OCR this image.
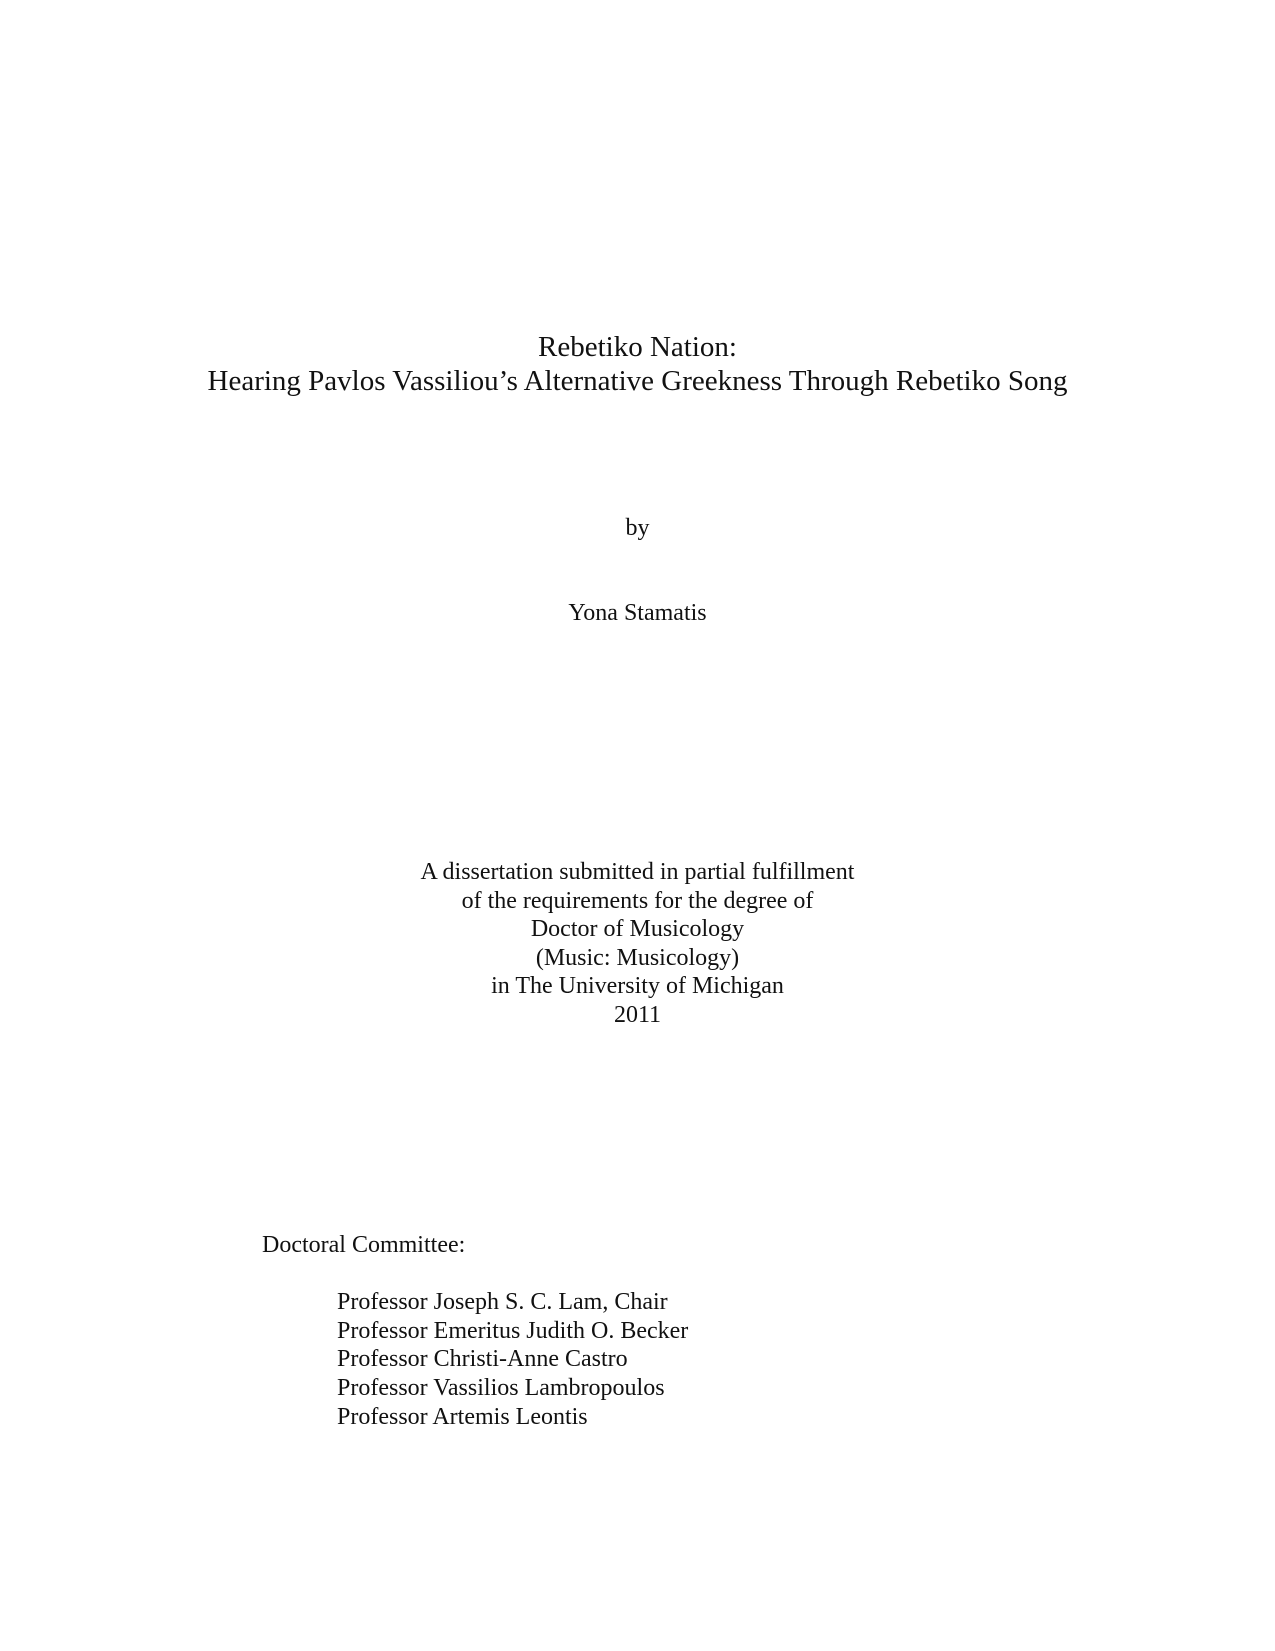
Rebetiko Nation:
Hearing Pavlos Vassiliou’s Alternative Greekness Through Rebetiko Song
by
Yona Stamatis
A dissertation submitted in partial fulfillment
of the requirements for the degree of
Doctor of Musicology
(Music: Musicology)
in The University of Michigan
2011
Doctoral Committee:
Professor Joseph S. C. Lam, Chair
Professor Emeritus Judith O. Becker
Professor Christi-Anne Castro
Professor Vassilios Lambropoulos
Professor Artemis Leontis
